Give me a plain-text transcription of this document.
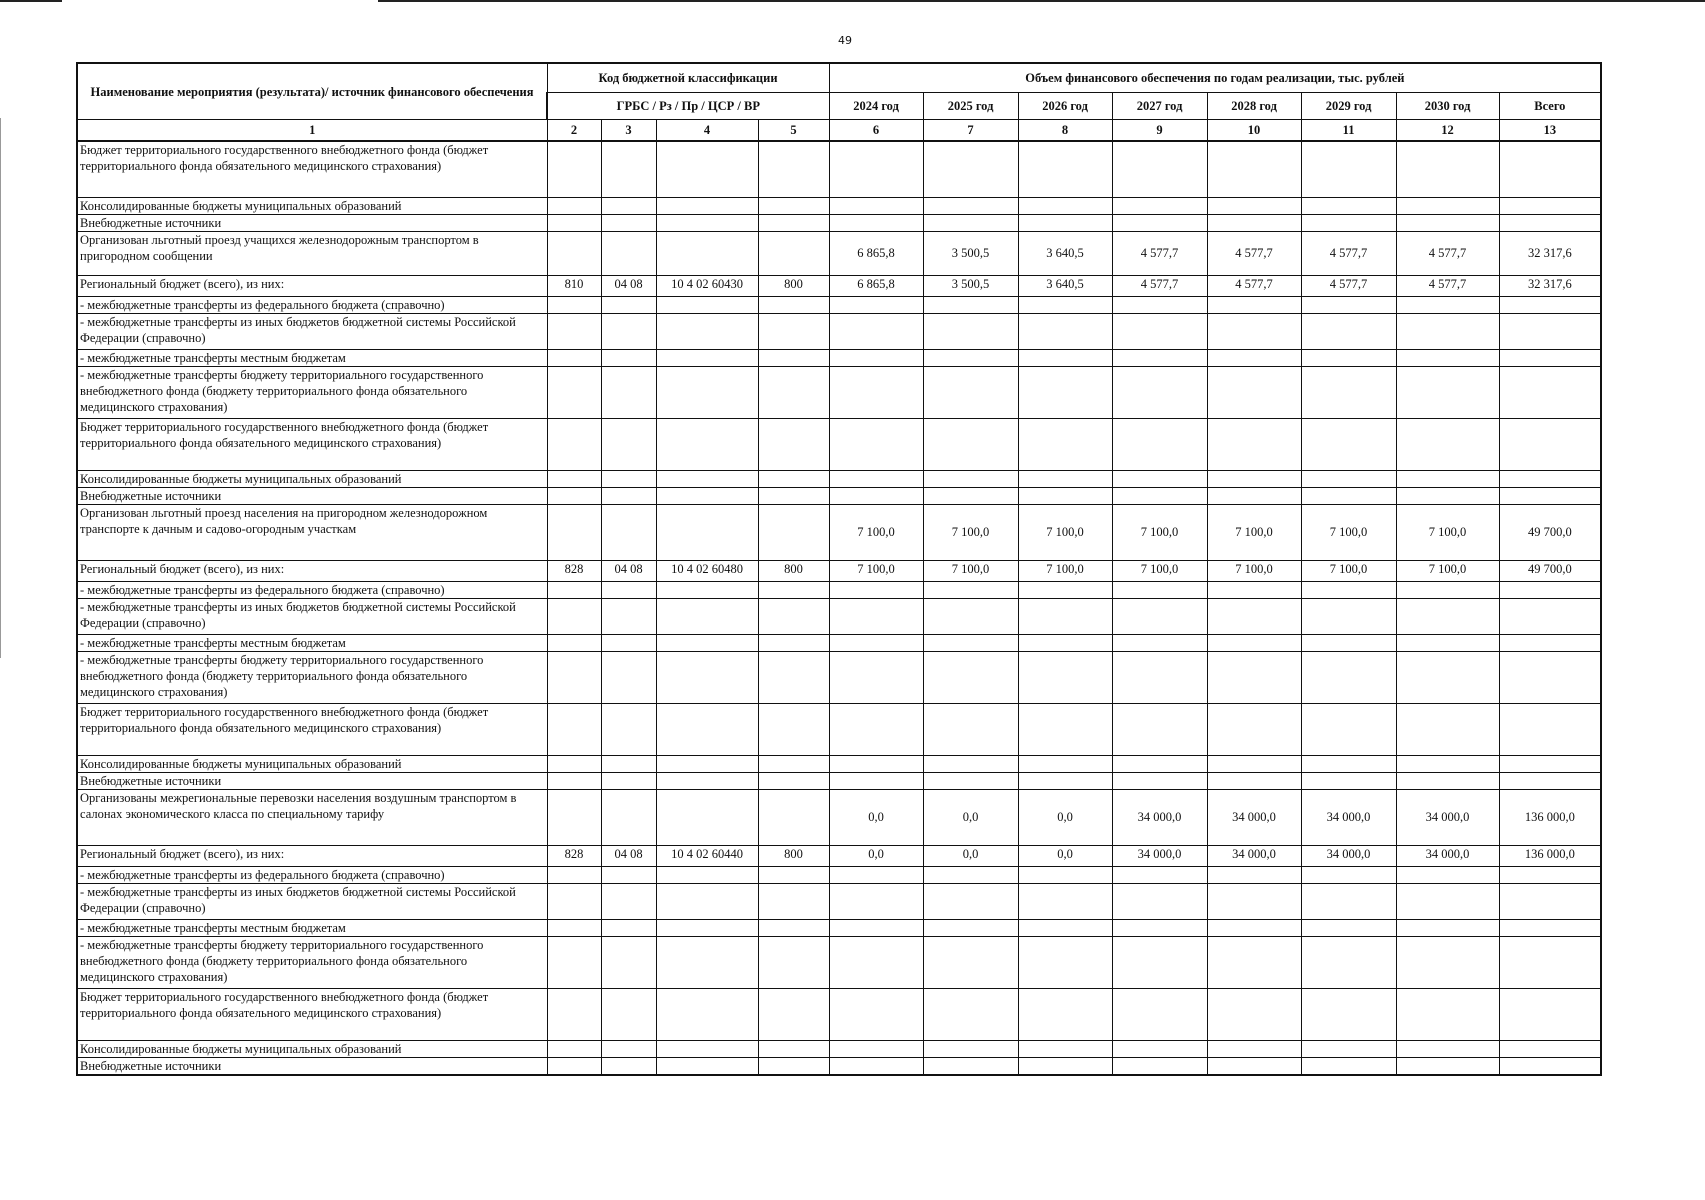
49
Наименование мероприятия (результата)/ источник финансового обеспечения	Код бюджетной классификации				Объем финансового обеспечения по годам реализации, тыс. рублей							
	ГРБС / Рз / Пр / ЦСР / ВР				2024 год	2025 год	2026 год	2027 год	2028 год	2029 год	2030 год	Всего
1	2	3	4	5	6	7	8	9	10	11	12	13
Бюджет территориального государственного внебюджетного фонда (бюджет территориального фонда обязательного медицинского страхования)												
Консолидированные бюджеты муниципальных образований												
Внебюджетные источники												
Организован льготный проезд учащихся железнодорожным транспортом в пригородном сообщении					6 865,8	3 500,5	3 640,5	4 577,7	4 577,7	4 577,7	4 577,7	32 317,6
Региональный бюджет (всего), из них:	810	04 08	10 4 02 60430	800	6 865,8	3 500,5	3 640,5	4 577,7	4 577,7	4 577,7	4 577,7	32 317,6
- межбюджетные трансферты из федерального бюджета (справочно)												
- межбюджетные трансферты из иных бюджетов бюджетной системы Российской Федерации (справочно)												
- межбюджетные трансферты местным бюджетам												
- межбюджетные трансферты бюджету территориального государственного внебюджетного фонда (бюджету территориального фонда обязательного медицинского страхования)												
Бюджет территориального государственного внебюджетного фонда (бюджет территориального фонда обязательного медицинского страхования)												
Консолидированные бюджеты муниципальных образований												
Внебюджетные источники												
Организован льготный проезд населения на пригородном железнодорожном транспорте к дачным и садово-огородным участкам					7 100,0	7 100,0	7 100,0	7 100,0	7 100,0	7 100,0	7 100,0	49 700,0
Региональный бюджет (всего), из них:	828	04 08	10 4 02 60480	800	7 100,0	7 100,0	7 100,0	7 100,0	7 100,0	7 100,0	7 100,0	49 700,0
- межбюджетные трансферты из федерального бюджета (справочно)												
- межбюджетные трансферты из иных бюджетов бюджетной системы Российской Федерации (справочно)												
- межбюджетные трансферты местным бюджетам												
- межбюджетные трансферты бюджету территориального государственного внебюджетного фонда (бюджету территориального фонда обязательного медицинского страхования)												
Бюджет территориального государственного внебюджетного фонда (бюджет территориального фонда обязательного медицинского страхования)												
Консолидированные бюджеты муниципальных образований												
Внебюджетные источники												
Организованы межрегиональные перевозки населения воздушным транспортом в салонах экономического класса по специальному тарифу					0,0	0,0	0,0	34 000,0	34 000,0	34 000,0	34 000,0	136 000,0
Региональный бюджет (всего), из них:	828	04 08	10 4 02 60440	800	0,0	0,0	0,0	34 000,0	34 000,0	34 000,0	34 000,0	136 000,0
- межбюджетные трансферты из федерального бюджета (справочно)												
- межбюджетные трансферты из иных бюджетов бюджетной системы Российской Федерации (справочно)												
- межбюджетные трансферты местным бюджетам												
- межбюджетные трансферты бюджету территориального государственного внебюджетного фонда (бюджету территориального фонда обязательного медицинского страхования)												
Бюджет территориального государственного внебюджетного фонда (бюджет территориального фонда обязательного медицинского страхования)												
Консолидированные бюджеты муниципальных образований												
Внебюджетные источники												
